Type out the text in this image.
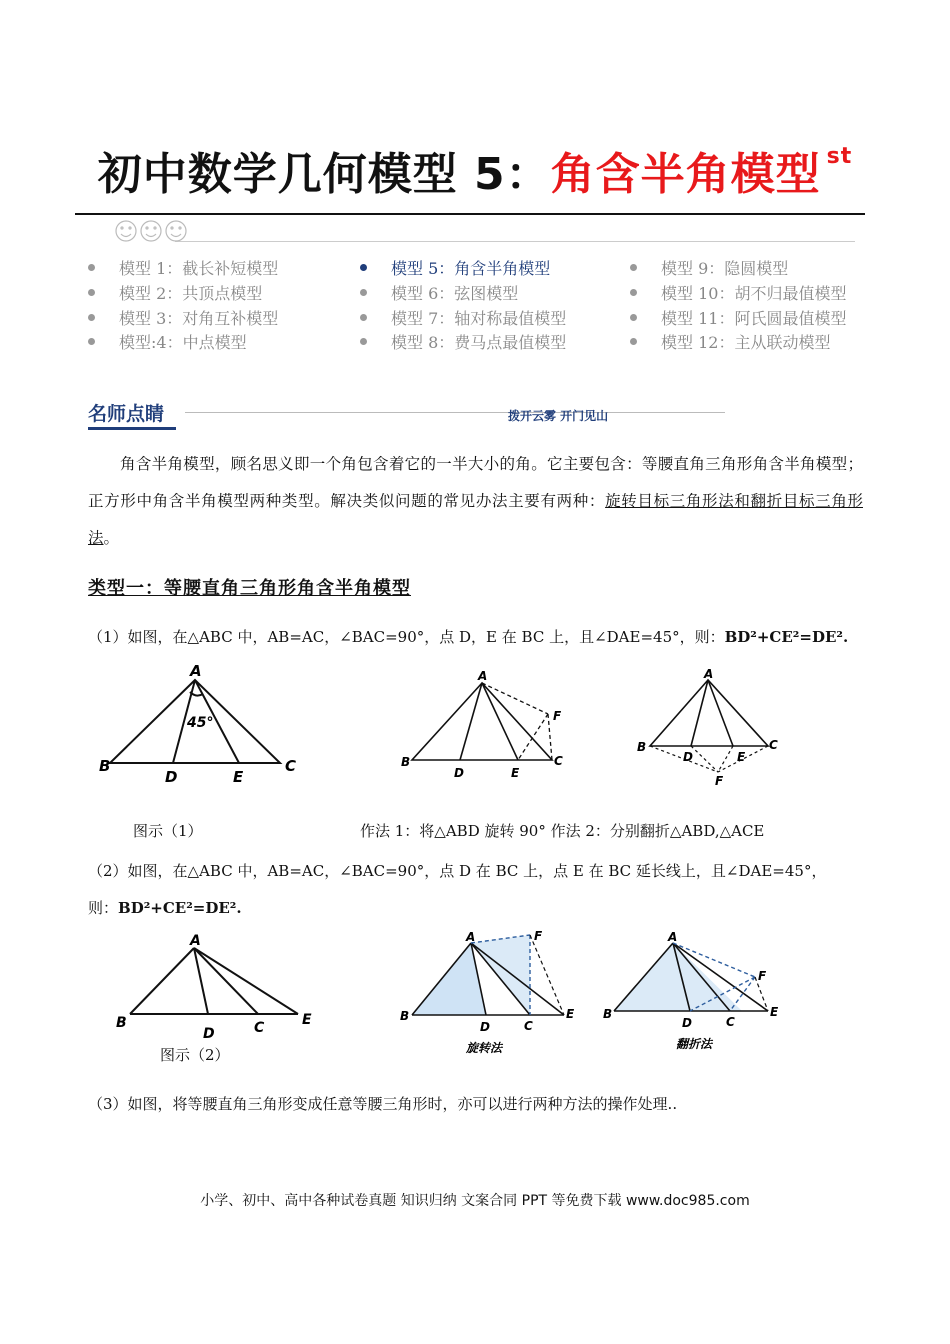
初中数学几何模型 5：角含半角模型 $^{st}$
模型 1：截长补短模型
模型 2：共顶点模型
模型 3：对角互补模型
模型:4：中点模型
模型 5：角含半角模型
模型 6：弦图模型
模型 7：轴对称最值模型
模型 8：费马点最值模型
模型 9：隐圆模型
模型 10：胡不归最值模型
模型 11：阿氏圆最值模型
模型 12：主从联动模型
名师点睛	拨开云雾 开门见山
角含半角模型，顾名思义即一个角包含着它的一半大小的角。它主要包含：等腰直角三角形角含半角模型；正方形中角含半角模型两种类型。解决类似问题的常见办法主要有两种：旋转目标三角形法和翻折目标三角形法。
类型一：等腰直角三角形角含半角模型
（1）如图，在△ABC 中，AB=AC，∠BAC=90°，点 D，E 在 BC 上，且∠DAE=45°，则：BD²+CE²=DE².
A
B	C
D	E
45°
A
B	C
D	E
F
A
B	C
D	E
F
图示（1）	作法 1：将△ABD 旋转 90° 作法 2：分别翻折△ABD,△ACE
（2）如图，在△ABC 中，AB=AC，∠BAC=90°，点 D 在 BC 上，点 E 在 BC 延长线上，且∠DAE=45°，
则：BD²+CE²=DE².
A
B	C
D
E
图示（2）
A
B
C
D
E
F
旋转法
A
B
C
D
E
F
翻折法
（3）如图，将等腰直角三角形变成任意等腰三角形时，亦可以进行两种方法的操作处理..
小学、初中、高中各种试卷真题 知识归纳 文案合同 PPT 等免费下载 www.doc985.com
